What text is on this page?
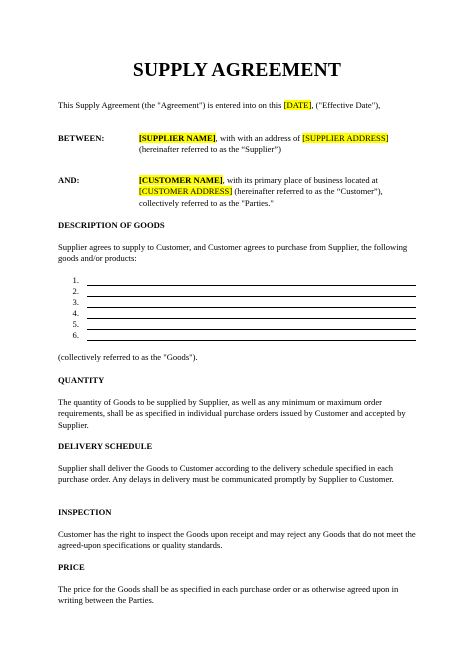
SUPPLY AGREEMENT
This Supply Agreement (the "Agreement") is entered into on this [DATE], ("Effective Date"),
BETWEEN:	[SUPPLIER NAME], with with an address of [SUPPLIER ADDRESS] (hereinafter referred to as the “Supplier”)
AND:	[CUSTOMER NAME], with its primary place of business located at [CUSTOMER ADDRESS] (hereinafter referred to as the “Customer”), collectively referred to as the "Parties."
DESCRIPTION OF GOODS
Supplier agrees to supply to Customer, and Customer agrees to purchase from Supplier, the following goods and/or products:
1.
2.
3.
4.
5.
6.
(collectively referred to as the "Goods").
QUANTITY
The quantity of Goods to be supplied by Supplier, as well as any minimum or maximum order requirements, shall be as specified in individual purchase orders issued by Customer and accepted by Supplier.
DELIVERY SCHEDULE
Supplier shall deliver the Goods to Customer according to the delivery schedule specified in each purchase order. Any delays in delivery must be communicated promptly by Supplier to Customer.
INSPECTION
Customer has the right to inspect the Goods upon receipt and may reject any Goods that do not meet the agreed-upon specifications or quality standards.
PRICE
The price for the Goods shall be as specified in each purchase order or as otherwise agreed upon in writing between the Parties.
